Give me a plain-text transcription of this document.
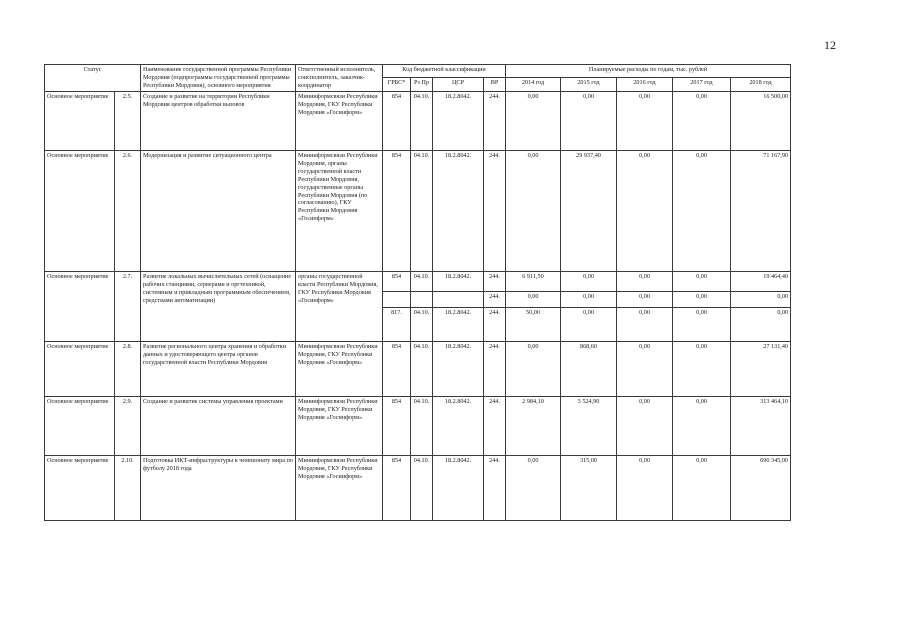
12
Статус		Наименование государственной программы Республики Мордовия (подпрограммы государственной программы Республики Мордовия), основного мероприятия	Ответственный исполнитель, соисполнитель, заказчик-координатор	Код бюджетной классификации				Планируемые расходы по годам, тыс. рублей				
				ГРБС*	Рз Пр	ЦСР	ВР	2014 год	2015 год	2016 год	2017 год	2018 год
Основное мероприятие	2.5.	Создание и развитие на территории Республики Мордовия центров обработки вызовов	Минииформсвязи Республики Мордовия, ГКУ Республики Мордовия «Госинформ»	854	04.10.	18.2.8042.	244.	0,00	0,00	0,00	0,00	16 500,00
Основное мероприятие	2.6.	Модернизация и развитие ситуационного центра	Минииформсвязи Республики Мордовия, органы государственной власти Республики Мордовия, государственные органы Республики Мордовия (по согласованию), ГКУ Республики Мордовия «Госинформ»	854	04.10.	18.2.8042.	244.	0,00	29 937,40	0,00	0,00	71 167,90
Основное мероприятие	2.7.	Развитие локальных вычислительных сетей (оснащение рабочих станциями, серверами и оргтехникой, системным и прикладным программным обеспечением, средствами автоматизации)	органы государственной власти Республики Мордовия, ГКУ Республики Мордовия «Госинформ»	854	04.10.	18.2.8042.	244.	6 911,50	0,00	0,00	0,00	19 464,40
							244.	0,00	0,00	0,00	0,00	0,00
				817.	04.10.	18.2.8042.	244.	50,00	0,00	0,00	0,00	0,00
Основное мероприятие	2.8.	Развитие регионального центра хранения и обработки данных и удостоверяющего центра органов государственной власти Республики Мордовия	Минииформсвязи Республики Мордовия, ГКУ Республики Мордовия «Госинформ»	854	04.10.	18.2.8042.	244.	0,00	868,60	0,00	0,00	27 131,40
Основное мероприятие	2.9.	Создание и развитие системы управления проектами	Минииформсвязи Республики Мордовия, ГКУ Республики Мордовия «Госинформ»	854	04.10.	18.2.8042.	244.	2 984,10	3 524,90	0,00	0,00	313 464,10
Основное мероприятие	2.10.	Подготовка ИКТ-инфраструктуры к чемпионату мира по футболу 2018 года	Минииформсвязи Республики Мордовия, ГКУ Республики Мордовия «Госинформ»	854	04.10.	18.2.8042.	244.	0,00	315,00	0,00	0,00	690 345,00
